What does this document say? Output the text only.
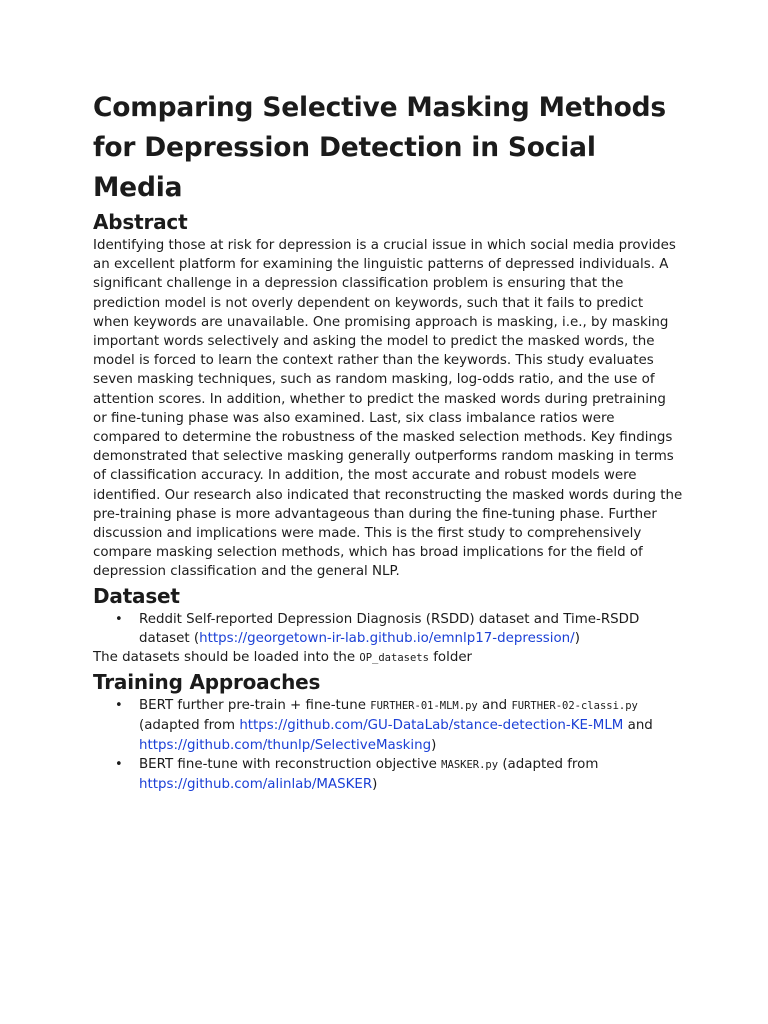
Comparing Selective Masking Methods for Depression Detection in Social Media
Abstract

Identifying those at risk for depression is a crucial issue in which social media provides an excellent platform for examining the linguistic patterns of depressed individuals. A significant challenge in a depression classification problem is ensuring that the prediction model is not overly dependent on keywords, such that it fails to predict when keywords are unavailable. One promising approach is masking, i.e., by masking important words selectively and asking the model to predict the masked words, the model is forced to learn the context rather than the keywords. This study evaluates seven masking techniques, such as random masking, log-odds ratio, and the use of attention scores. In addition, whether to predict the masked words during pretraining or fine-tuning phase was also examined. Last, six class imbalance ratios were compared to determine the robustness of the masked selection methods. Key findings demonstrated that selective masking generally outperforms random masking in terms of classification accuracy. In addition, the most accurate and robust models were identified. Our research also indicated that reconstructing the masked words during the pre-training phase is more advantageous than during the fine-tuning phase. Further discussion and implications were made. This is the first study to comprehensively compare masking selection methods, which has broad implications for the field of depression classification and the general NLP.

Dataset
• Reddit Self-reported Depression Diagnosis (RSDD) dataset and Time-RSDD dataset (https://georgetown-ir-lab.github.io/emnlp17-depression/)

The datasets should be loaded into the OP_datasets folder

Training Approaches
• BERT further pre-train + fine-tune FURTHER-01-MLM.py and FURTHER-02-classi.py (adapted from https://github.com/GU-DataLab/stance-detection-KE-MLM and https://github.com/thunlp/SelectiveMasking)
• BERT fine-tune with reconstruction objective MASKER.py (adapted from https://github.com/alinlab/MASKER)
